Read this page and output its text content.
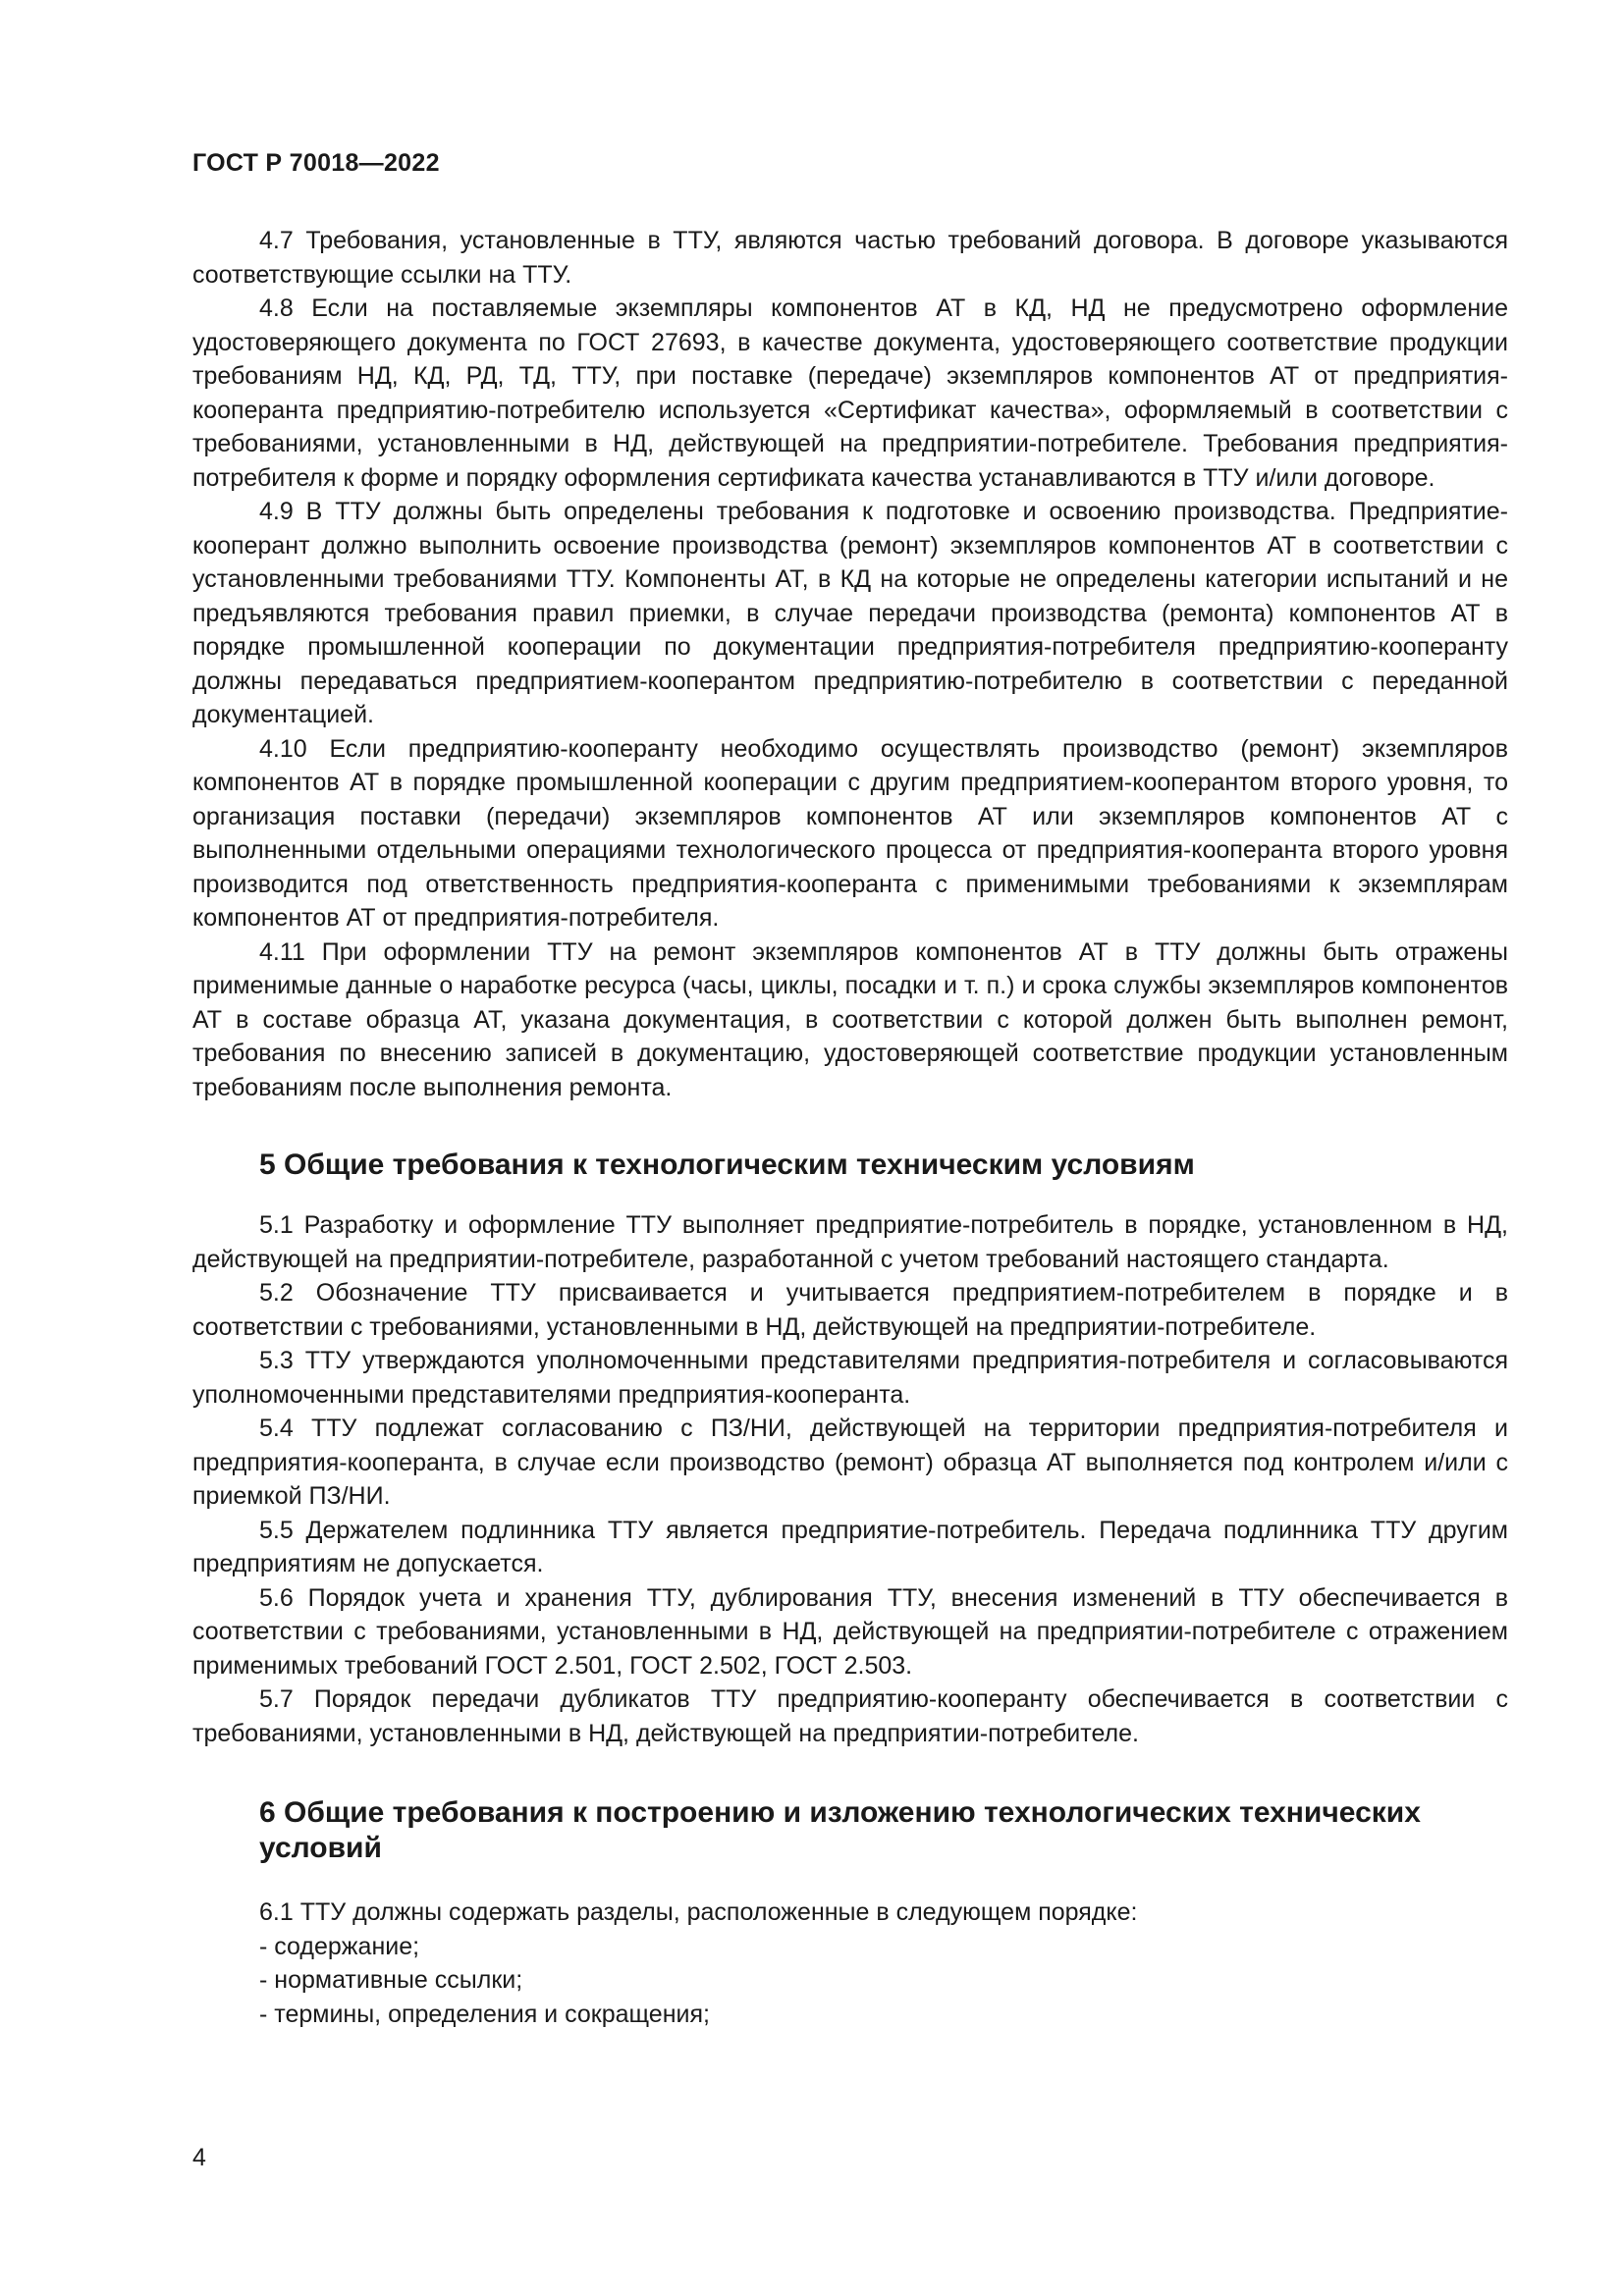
ГОСТ Р 70018—2022

4.7 Требования, установленные в ТТУ, являются частью требований договора. В договоре указываются соответствующие ссылки на ТТУ.

4.8 Если на поставляемые экземпляры компонентов АТ в КД, НД не предусмотрено оформление удостоверяющего документа по ГОСТ 27693, в качестве документа, удостоверяющего соответствие продукции требованиям НД, КД, РД, ТД, ТТУ, при поставке (передаче) экземпляров компонентов АТ от предприятия-кооперанта предприятию-потребителю используется «Сертификат качества», оформляемый в соответствии с требованиями, установленными в НД, действующей на предприятии-потребителе. Требования предприятия-потребителя к форме и порядку оформления сертификата качества устанавливаются в ТТУ и/или договоре.

4.9 В ТТУ должны быть определены требования к подготовке и освоению производства. Предприятие-кооперант должно выполнить освоение производства (ремонт) экземпляров компонентов АТ в соответствии с установленными требованиями ТТУ. Компоненты АТ, в КД на которые не определены категории испытаний и не предъявляются требования правил приемки, в случае передачи производства (ремонта) компонентов АТ в порядке промышленной кооперации по документации предприятия-потребителя предприятию-кооперанту должны передаваться предприятием-кооперантом предприятию-потребителю в соответствии с переданной документацией.

4.10 Если предприятию-кооперанту необходимо осуществлять производство (ремонт) экземпляров компонентов АТ в порядке промышленной кооперации с другим предприятием-кооперантом второго уровня, то организация поставки (передачи) экземпляров компонентов АТ или экземпляров компонентов АТ с выполненными отдельными операциями технологического процесса от предприятия-кооперанта второго уровня производится под ответственность предприятия-кооперанта с применимыми требованиями к экземплярам компонентов АТ от предприятия-потребителя.

4.11 При оформлении ТТУ на ремонт экземпляров компонентов АТ в ТТУ должны быть отражены применимые данные о наработке ресурса (часы, циклы, посадки и т. п.) и срока службы экземпляров компонентов АТ в составе образца АТ, указана документация, в соответствии с которой должен быть выполнен ремонт, требования по внесению записей в документацию, удостоверяющей соответствие продукции установленным требованиям после выполнения ремонта.

5 Общие требования к технологическим техническим условиям

5.1 Разработку и оформление ТТУ выполняет предприятие-потребитель в порядке, установленном в НД, действующей на предприятии-потребителе, разработанной с учетом требований настоящего стандарта.

5.2 Обозначение ТТУ присваивается и учитывается предприятием-потребителем в порядке и в соответствии с требованиями, установленными в НД, действующей на предприятии-потребителе.

5.3 ТТУ утверждаются уполномоченными представителями предприятия-потребителя и согласовываются уполномоченными представителями предприятия-кооперанта.

5.4 ТТУ подлежат согласованию с ПЗ/НИ, действующей на территории предприятия-потребителя и предприятия-кооперанта, в случае если производство (ремонт) образца АТ выполняется под контролем и/или с приемкой ПЗ/НИ.

5.5 Держателем подлинника ТТУ является предприятие-потребитель. Передача подлинника ТТУ другим предприятиям не допускается.

5.6 Порядок учета и хранения ТТУ, дублирования ТТУ, внесения изменений в ТТУ обеспечивается в соответствии с требованиями, установленными в НД, действующей на предприятии-потребителе с отражением применимых требований ГОСТ 2.501, ГОСТ 2.502, ГОСТ 2.503.

5.7 Порядок передачи дубликатов ТТУ предприятию-кооперанту обеспечивается в соответствии с требованиями, установленными в НД, действующей на предприятии-потребителе.

6 Общие требования к построению и изложению технологических технических условий

6.1 ТТУ должны содержать разделы, расположенные в следующем порядке:

- содержание;
- нормативные ссылки;
- термины, определения и сокращения;
4
